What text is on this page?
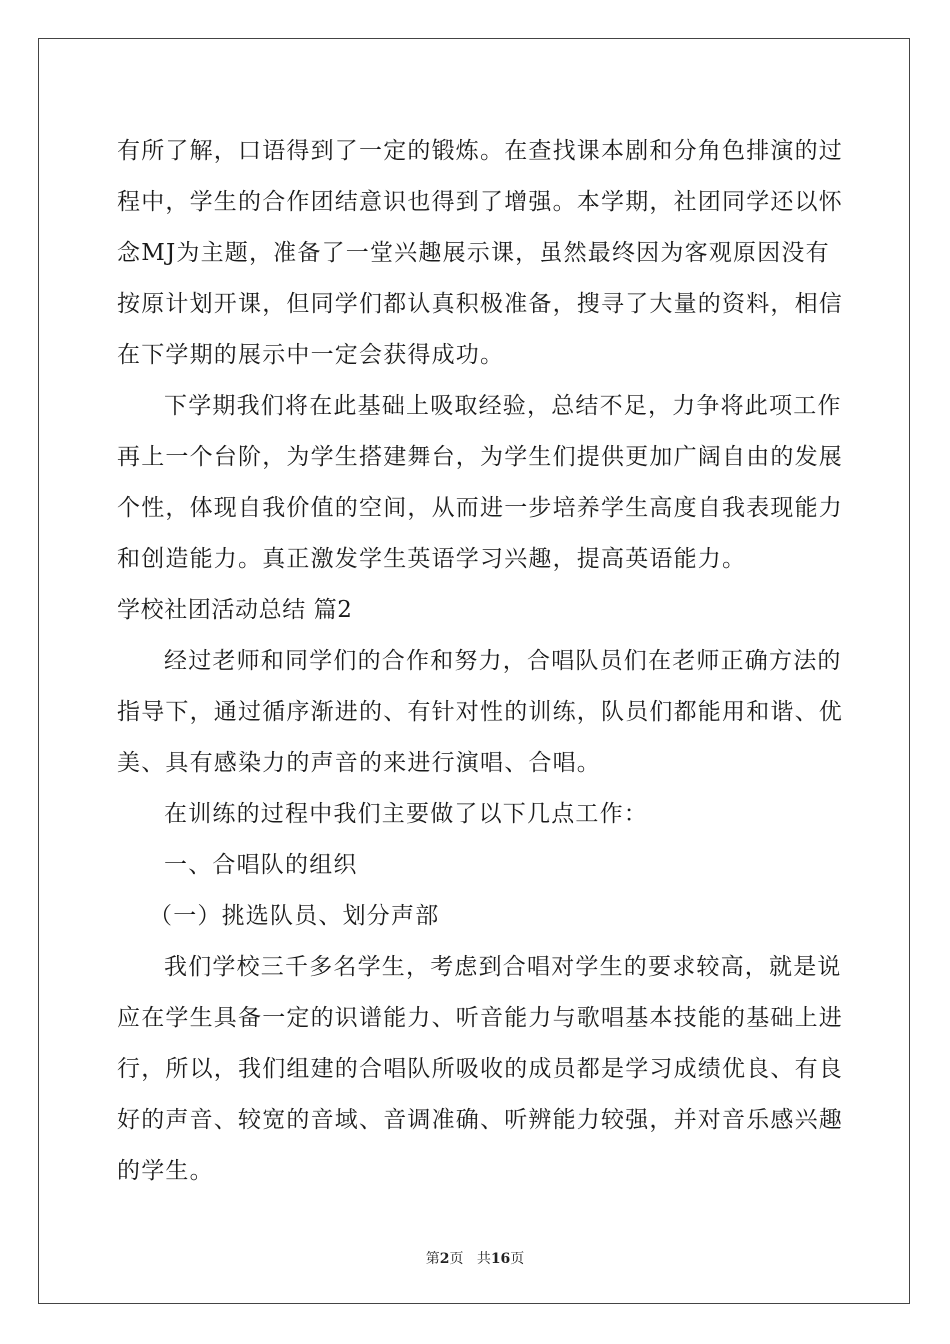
有所了解，口语得到了一定的锻炼。在查找课本剧和分角色排演的过
程中，学生的合作团结意识也得到了增强。本学期，社团同学还以怀
念MJ为主题，准备了一堂兴趣展示课，虽然最终因为客观原因没有
按原计划开课，但同学们都认真积极准备，搜寻了大量的资料，相信
在下学期的展示中一定会获得成功。
下学期我们将在此基础上吸取经验，总结不足，力争将此项工作
再上一个台阶，为学生搭建舞台，为学生们提供更加广阔自由的发展
个性，体现自我价值的空间，从而进一步培养学生高度自我表现能力
和创造能力。真正激发学生英语学习兴趣，提高英语能力。
学校社团活动总结 篇2
经过老师和同学们的合作和努力，合唱队员们在老师正确方法的
指导下，通过循序渐进的、有针对性的训练，队员们都能用和谐、优
美、具有感染力的声音的来进行演唱、合唱。
在训练的过程中我们主要做了以下几点工作：
一、合唱队的组织
（一）挑选队员、划分声部
我们学校三千多名学生，考虑到合唱对学生的要求较高，就是说
应在学生具备一定的识谱能力、听音能力与歌唱基本技能的基础上进
行，所以，我们组建的合唱队所吸收的成员都是学习成绩优良、有良
好的声音、较宽的音域、音调准确、听辨能力较强，并对音乐感兴趣
的学生。
第2页 共16页
